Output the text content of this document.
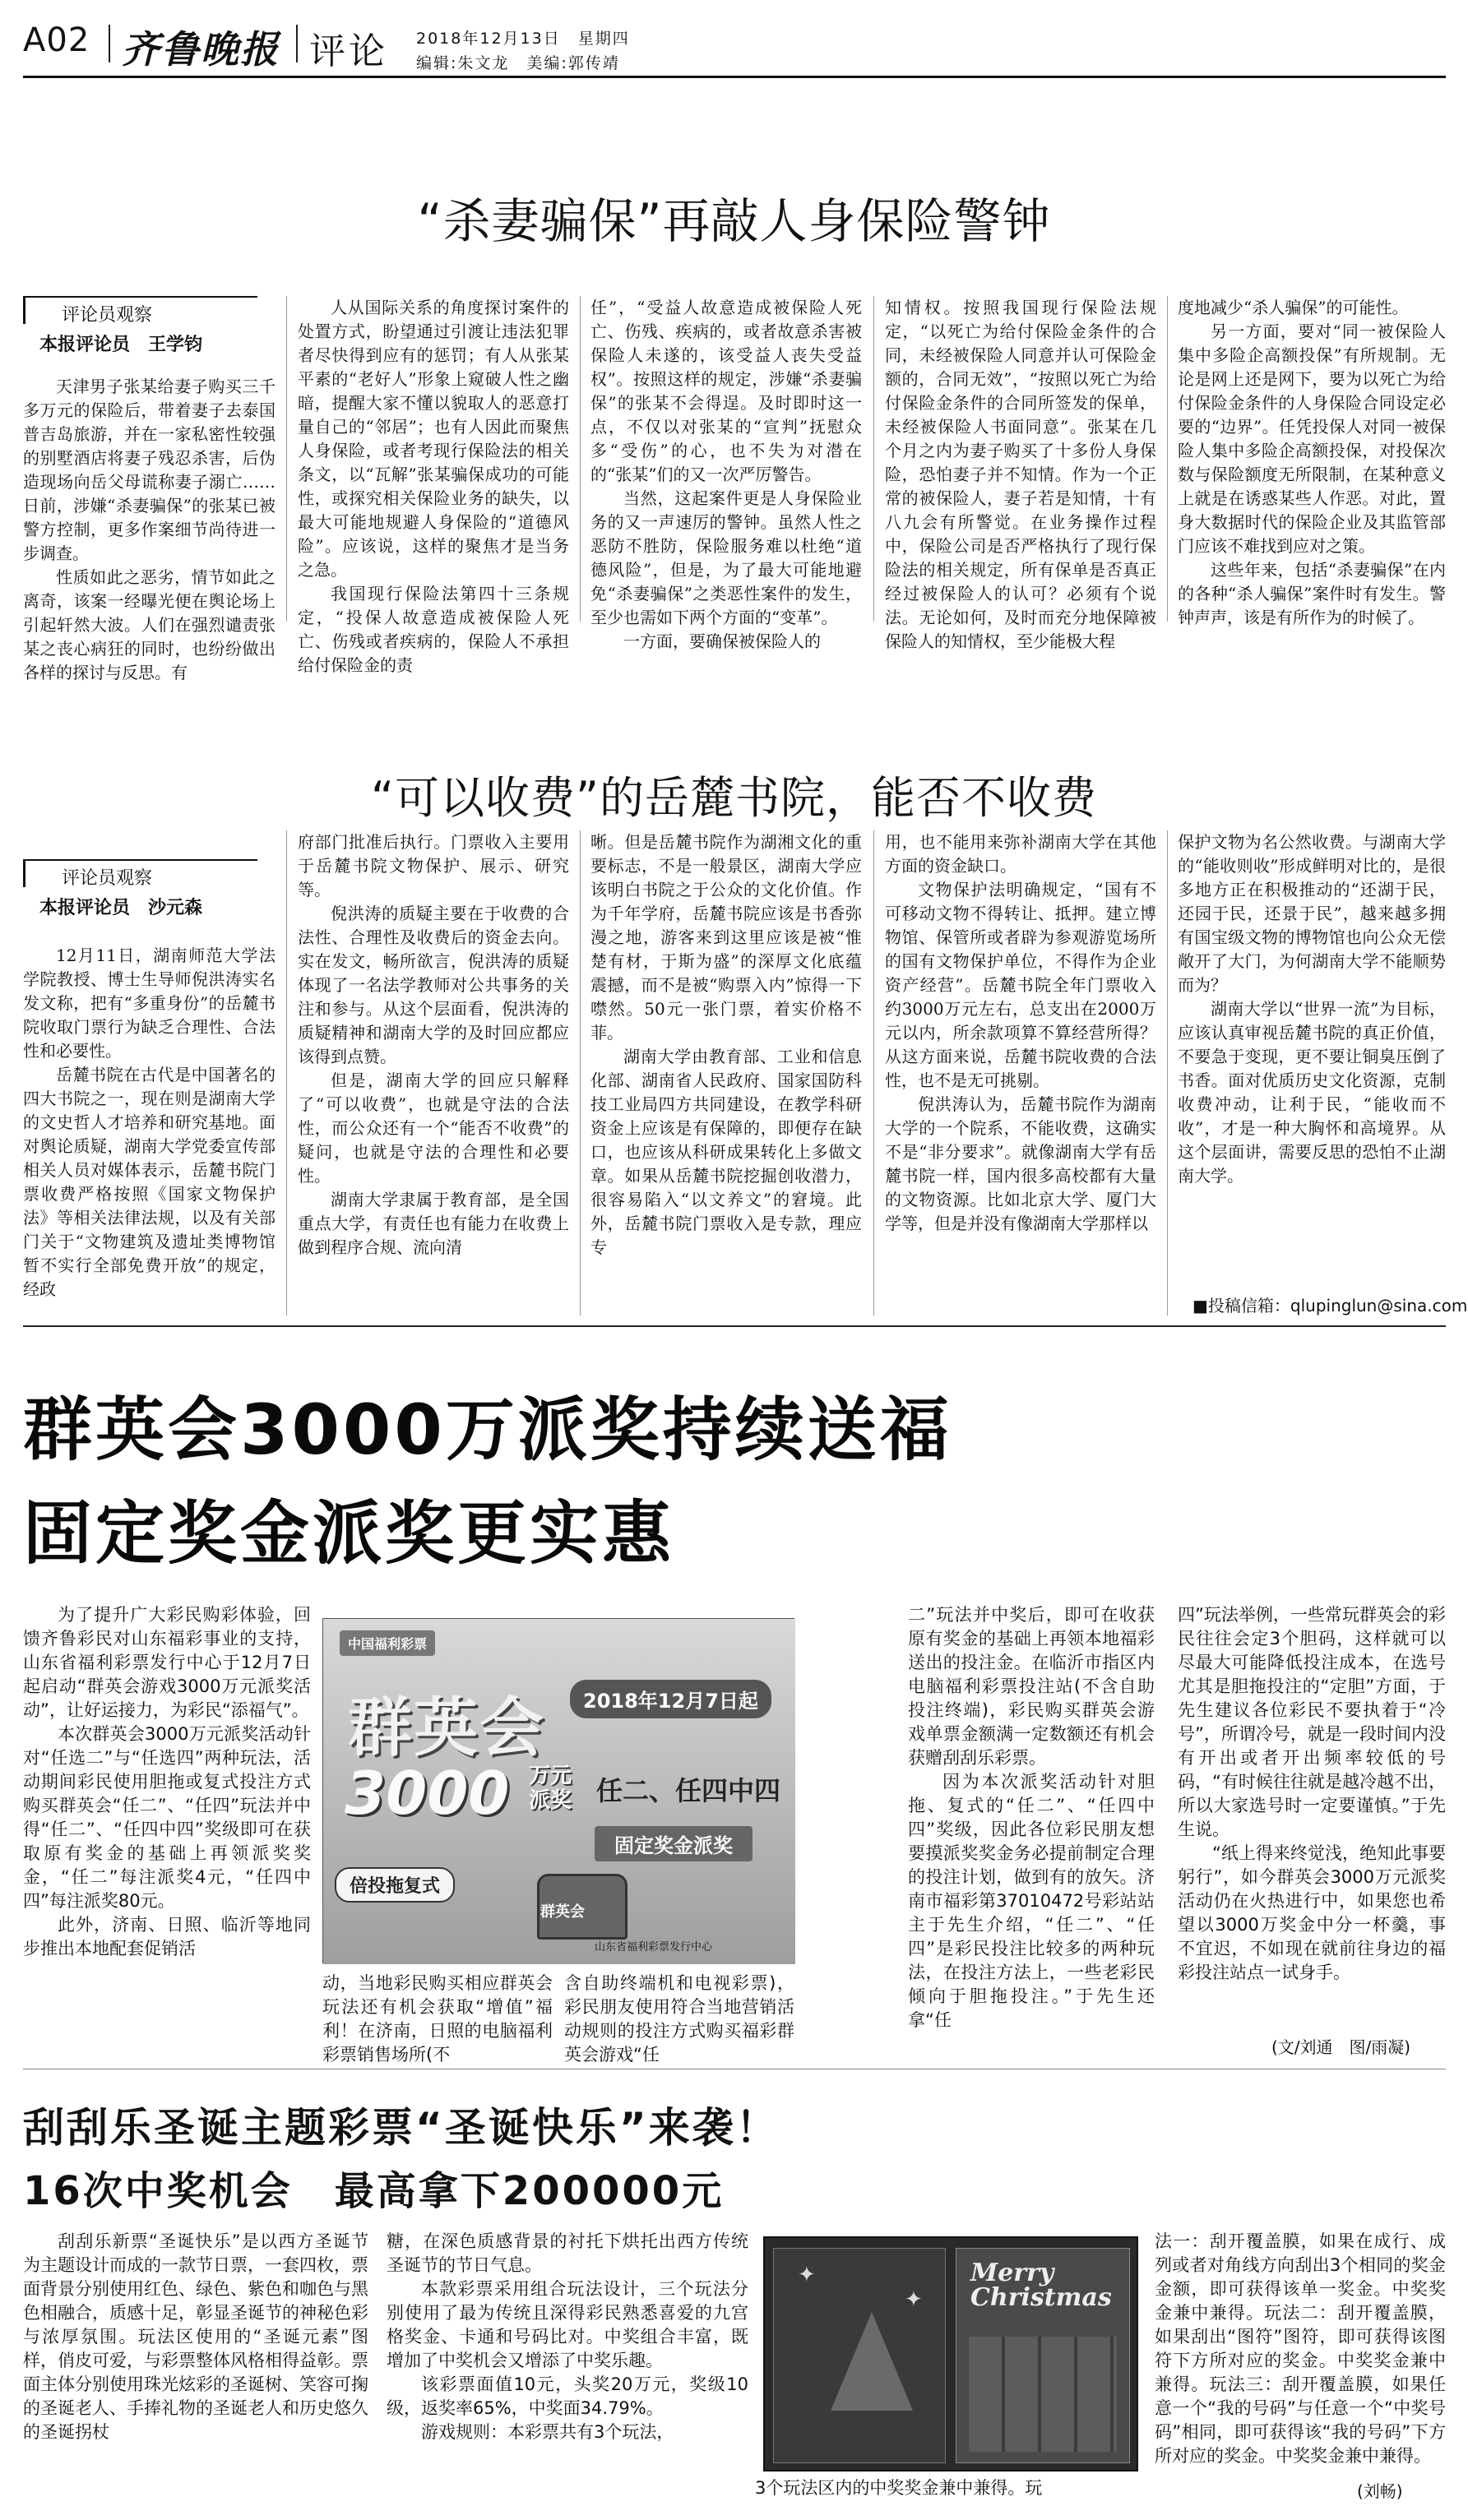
A02 齐鲁晚报 评论 2018年12月13日　星期四
编辑:朱文龙　美编:郭传靖
“杀妻骗保”再敲人身保险警钟
评论员观察
本报评论员　王学钧

天津男子张某给妻子购买三千多万元的保险后，带着妻子去泰国普吉岛旅游，并在一家私密性较强的别墅酒店将妻子残忍杀害，后伪造现场向岳父母谎称妻子溺亡……日前，涉嫌“杀妻骗保”的张某已被警方控制，更多作案细节尚待进一步调查。

性质如此之恶劣，情节如此之离奇，该案一经曝光便在舆论场上引起轩然大波。人们在强烈谴责张某之丧心病狂的同时，也纷纷做出各样的探讨与反思。有

人从国际关系的角度探讨案件的处置方式，盼望通过引渡让违法犯罪者尽快得到应有的惩罚；有人从张某平素的“老好人”形象上窥破人性之幽暗，提醒大家不懂以貌取人的恶意打量自己的“邻居”；也有人因此而聚焦人身保险，或者考现行保险法的相关条文，以“瓦解”张某骗保成功的可能性，或探究相关保险业务的缺失，以最大可能地规避人身保险的“道德风险”。应该说，这样的聚焦才是当务之急。

我国现行保险法第四十三条规定，“投保人故意造成被保险人死亡、伤残或者疾病的，保险人不承担给付保险金的责

任”，“受益人故意造成被保险人死亡、伤残、疾病的，或者故意杀害被保险人未遂的，该受益人丧失受益权”。按照这样的规定，涉嫌“杀妻骗保”的张某不会得逞。及时即时这一点，不仅以对张某的“宣判”抚慰众多“受伤”的心，也不失为对潜在的“张某”们的又一次严厉警告。

当然，这起案件更是人身保险业务的又一声速厉的警钟。虽然人性之恶防不胜防，保险服务难以杜绝“道德风险”，但是，为了最大可能地避免“杀妻骗保”之类恶性案件的发生，至少也需如下两个方面的“变革”。

一方面，要确保被保险人的

知情权。按照我国现行保险法规定，“以死亡为给付保险金条件的合同，未经被保险人同意并认可保险金额的，合同无效”，“按照以死亡为给付保险金条件的合同所签发的保单，未经被保险人书面同意”。张某在几个月之内为妻子购买了十多份人身保险，恐怕妻子并不知情。作为一个正常的被保险人，妻子若是知情，十有八九会有所警觉。在业务操作过程中，保险公司是否严格执行了现行保险法的相关规定，所有保单是否真正经过被保险人的认可？必须有个说法。无论如何，及时而充分地保障被保险人的知情权，至少能极大程

度地减少“杀人骗保”的可能性。

另一方面，要对“同一被保险人集中多险企高额投保”有所规制。无论是网上还是网下，要为以死亡为给付保险金条件的人身保险合同设定必要的“边界”。任凭投保人对同一被保险人集中多险企高额投保，对投保次数与保险额度无所限制，在某种意义上就是在诱惑某些人作恶。对此，置身大数据时代的保险企业及其监管部门应该不难找到应对之策。

这些年来，包括“杀妻骗保”在内的各种“杀人骗保”案件时有发生。警钟声声，该是有所作为的时候了。

“可以收费”的岳麓书院，能否不收费
评论员观察
本报评论员　沙元森

12月11日，湖南师范大学法学院教授、博士生导师倪洪涛实名发文称，把有“多重身份”的岳麓书院收取门票行为缺乏合理性、合法性和必要性。

岳麓书院在古代是中国著名的四大书院之一，现在则是湖南大学的文史哲人才培养和研究基地。面对舆论质疑，湖南大学党委宣传部相关人员对媒体表示，岳麓书院门票收费严格按照《国家文物保护法》等相关法律法规，以及有关部门关于“文物建筑及遗址类博物馆暂不实行全部免费开放”的规定，经政

府部门批准后执行。门票收入主要用于岳麓书院文物保护、展示、研究等。

倪洪涛的质疑主要在于收费的合法性、合理性及收费后的资金去向。实在发文，畅所欲言，倪洪涛的质疑体现了一名法学教师对公共事务的关注和参与。从这个层面看，倪洪涛的质疑精神和湖南大学的及时回应都应该得到点赞。

但是，湖南大学的回应只解释了“可以收费”，也就是守法的合法性，而公众还有一个“能否不收费”的疑问，也就是守法的合理性和必要性。

湖南大学隶属于教育部，是全国重点大学，有责任也有能力在收费上做到程序合规、流向清

晰。但是岳麓书院作为湖湘文化的重要标志，不是一般景区，湖南大学应该明白书院之于公众的文化价值。作为千年学府，岳麓书院应该是书香弥漫之地，游客来到这里应该是被“惟楚有材，于斯为盛”的深厚文化底蕴震撼，而不是被“购票入内”惊得一下噤然。50元一张门票，着实价格不菲。

湖南大学由教育部、工业和信息化部、湖南省人民政府、国家国防科技工业局四方共同建设，在教学科研资金上应该是有保障的，即便存在缺口，也应该从科研成果转化上多做文章。如果从岳麓书院挖掘创收潜力，很容易陷入“以文养文”的窘境。此外，岳麓书院门票收入是专款，理应专

用，也不能用来弥补湖南大学在其他方面的资金缺口。

文物保护法明确规定，“国有不可移动文物不得转让、抵押。建立博物馆、保管所或者辟为参观游览场所的国有文物保护单位，不得作为企业资产经营”。岳麓书院全年门票收入约3000万元左右，总支出在2000万元以内，所余款项算不算经营所得？从这方面来说，岳麓书院收费的合法性，也不是无可挑剔。

倪洪涛认为，岳麓书院作为湖南大学的一个院系，不能收费，这确实不是“非分要求”。就像湖南大学有岳麓书院一样，国内很多高校都有大量的文物资源。比如北京大学、厦门大学等，但是并没有像湖南大学那样以

保护文物为名公然收费。与湖南大学的“能收则收”形成鲜明对比的，是很多地方正在积极推动的“还湖于民，还园于民，还景于民”，越来越多拥有国宝级文物的博物馆也向公众无偿敞开了大门，为何湖南大学不能顺势而为？

湖南大学以“世界一流”为目标，应该认真审视岳麓书院的真正价值，不要急于变现，更不要让铜臭压倒了书香。面对优质历史文化资源，克制收费冲动，让利于民，“能收而不收”，才是一种大胸怀和高境界。从这个层面讲，需要反思的恐怕不止湖南大学。

■投稿信箱：qlupinglun@sina.com
群英会3000万派奖持续送福
固定奖金派奖更实惠

为了提升广大彩民购彩体验，回馈齐鲁彩民对山东福彩事业的支持，山东省福利彩票发行中心于12月7日起启动“群英会游戏3000万元派奖活动”，让好运接力，为彩民“添福气”。

本次群英会3000万元派奖活动针对“任选二”与“任选四”两种玩法，活动期间彩民使用胆拖或复式投注方式购买群英会“任二”、“任四”玩法并中得“任二”、“任四中四”奖级即可在获取原有奖金的基础上再领派奖奖金，“任二”每注派奖4元，“任四中四”每注派奖80元。

此外，济南、日照、临沂等地同步推出本地配套促销活

中国福利彩票
群英会
3000 万元
派奖
2018年12月7日起
任二、任四中四
固定奖金派奖
倍投拖复式
群英会
山东省福利彩票发行中心

动，当地彩民购买相应群英会玩法还有机会获取“增值”福利！在济南，日照的电脑福利彩票销售场所(不

含自助终端机和电视彩票)，彩民朋友使用符合当地营销活动规则的投注方式购买福彩群英会游戏“任

二”玩法并中奖后，即可在收获原有奖金的基础上再领本地福彩送出的投注金。在临沂市指区内电脑福利彩票投注站(不含自助投注终端)，彩民购买群英会游戏单票金额满一定数额还有机会获赠刮刮乐彩票。

因为本次派奖活动针对胆拖、复式的“任二”、“任四中四”奖级，因此各位彩民朋友想要摸派奖奖金务必提前制定合理的投注计划，做到有的放矢。济南市福彩第37010472号彩站站主于先生介绍，“任二”、“任四”是彩民投注比较多的两种玩法，在投注方法上，一些老彩民倾向于胆拖投注。”于先生还拿“任

四”玩法举例，一些常玩群英会的彩民往往会定3个胆码，这样就可以尽最大可能降低投注成本，在选号尤其是胆拖投注的“定胆”方面，于先生建议各位彩民不要执着于“冷号”，所谓冷号，就是一段时间内没有开出或者开出频率较低的号码，“有时候往往就是越冷越不出，所以大家选号时一定要谨慎。”于先生说。

“纸上得来终觉浅，绝知此事要躬行”，如今群英会3000万元派奖活动仍在火热进行中，如果您也希望以3000万奖金中分一杯羹，事不宜迟，不如现在就前往身边的福彩投注站点一试身手。

(文/刘通　图/雨凝)
刮刮乐圣诞主题彩票“圣诞快乐”来袭！
16次中奖机会　最高拿下200000元

刮刮乐新票“圣诞快乐”是以西方圣诞节为主题设计而成的一款节日票，一套四枚，票面背景分别使用红色、绿色、紫色和咖色与黑色相融合，质感十足，彰显圣诞节的神秘色彩与浓厚氛围。玩法区使用的“圣诞元素”图样，俏皮可爱，与彩票整体风格相得益彰。票面主体分别使用珠光炫彩的圣诞树、笑容可掬的圣诞老人、手捧礼物的圣诞老人和历史悠久的圣诞拐杖

糖，在深色质感背景的衬托下烘托出西方传统圣诞节的节日气息。

本款彩票采用组合玩法设计，三个玩法分别使用了最为传统且深得彩民熟悉喜爱的九宫格奖金、卡通和号码比对。中奖组合丰富，既增加了中奖机会又增添了中奖乐趣。

该彩票面值10元，头奖20万元，奖级10级，返奖率65%，中奖面34.79%。

游戏规则：本彩票共有3个玩法，

Merry Christmas
✦
✦

3个玩法区内的中奖奖金兼中兼得。玩

法一：刮开覆盖膜，如果在成行、成列或者对角线方向刮出3个相同的奖金金额，即可获得该单一奖金。中奖奖金兼中兼得。玩法二：刮开覆盖膜，如果刮出“图符”图符，即可获得该图符下方所对应的奖金。中奖奖金兼中兼得。玩法三：刮开覆盖膜，如果任意一个“我的号码”与任意一个“中奖号码”相同，即可获得该“我的号码”下方所对应的奖金。中奖奖金兼中兼得。

(刘畅)
